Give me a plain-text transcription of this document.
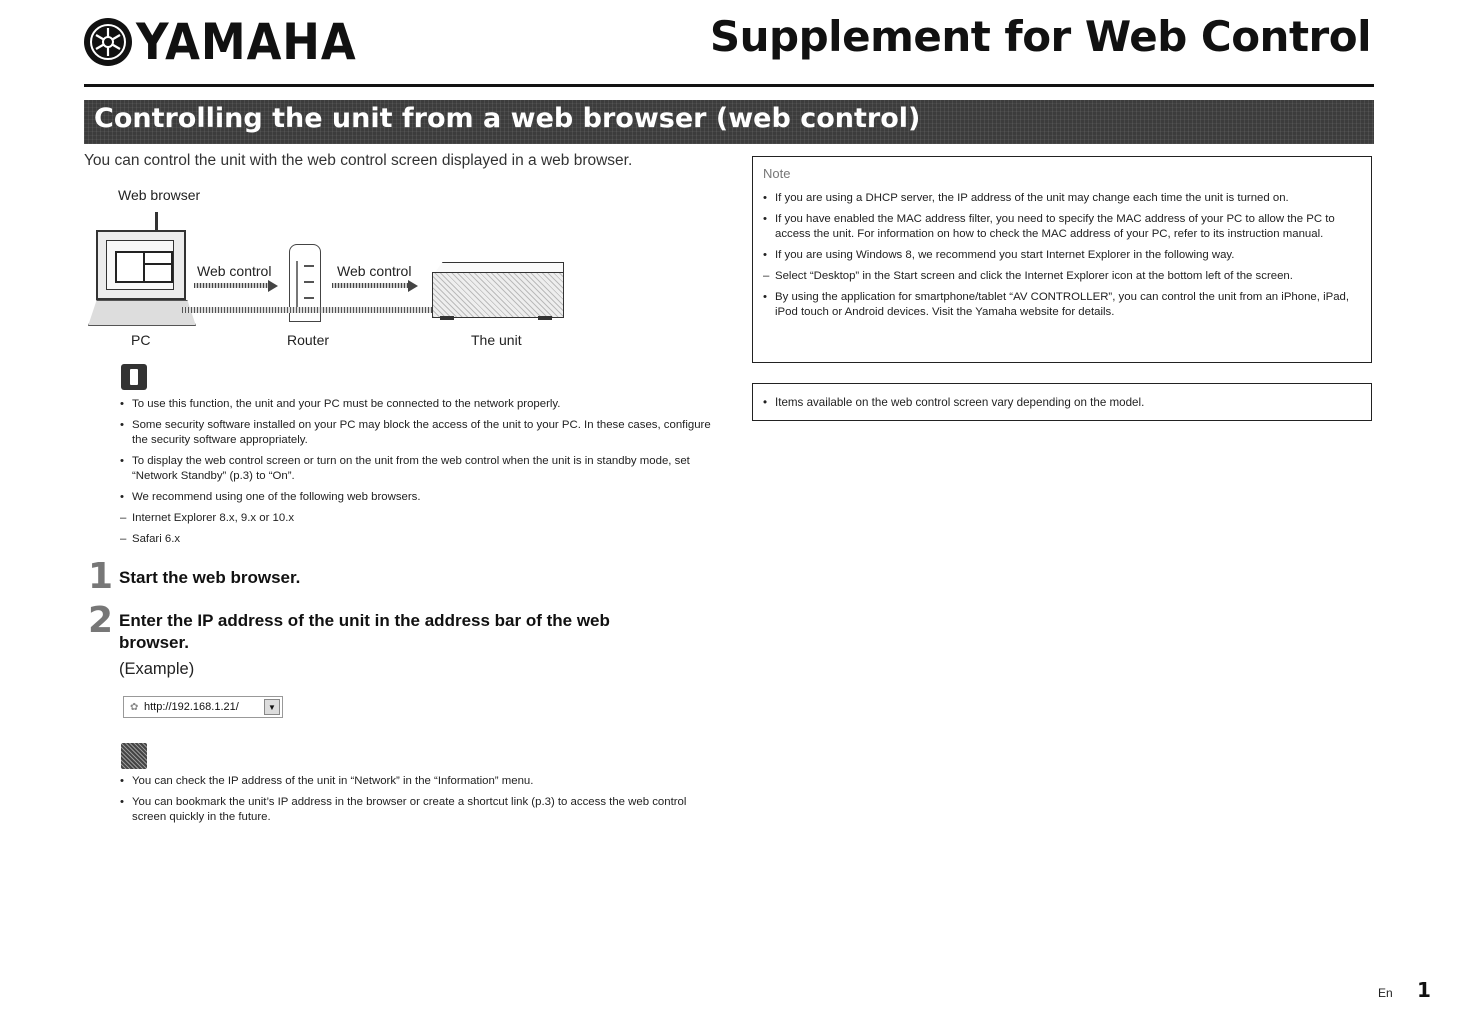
YAMAHA	Supplement for Web Control
Controlling the unit from a web browser (web control)
You can control the unit with the web control screen displayed in a web browser.
Web browser
Web control	Web control
PC	Router	The unit
• To use this function, the unit and your PC must be connected to the network properly.
• Some security software installed on your PC may block the access of the unit to your PC. In these cases, configure the security software appropriately.
• To display the web control screen or turn on the unit from the web control when the unit is in standby mode, set “Network Standby” (p.3) to “On”.
• We recommend using one of the following web browsers.
– Internet Explorer 8.x, 9.x or 10.x
– Safari 6.x
1 Start the web browser.
2 Enter the IP address of the unit in the address bar of the web browser.
(Example)
✿ http://192.168.1.21/	▼
• You can check the IP address of the unit in “Network” in the “Information” menu.
• You can bookmark the unit’s IP address in the browser or create a shortcut link (p.3) to access the web control screen quickly in the future.
Note
• If you are using a DHCP server, the IP address of the unit may change each time the unit is turned on.
• If you have enabled the MAC address filter, you need to specify the MAC address of your PC to allow the PC to access the unit. For information on how to check the MAC address of your PC, refer to its instruction manual.
• If you are using Windows 8, we recommend you start Internet Explorer in the following way.
– Select “Desktop” in the Start screen and click the Internet Explorer icon at the bottom left of the screen.
• By using the application for smartphone/tablet “AV CONTROLLER”, you can control the unit from an iPhone, iPad, iPod touch or Android devices. Visit the Yamaha website for details.
• Items available on the web control screen vary depending on the model.
En 1
